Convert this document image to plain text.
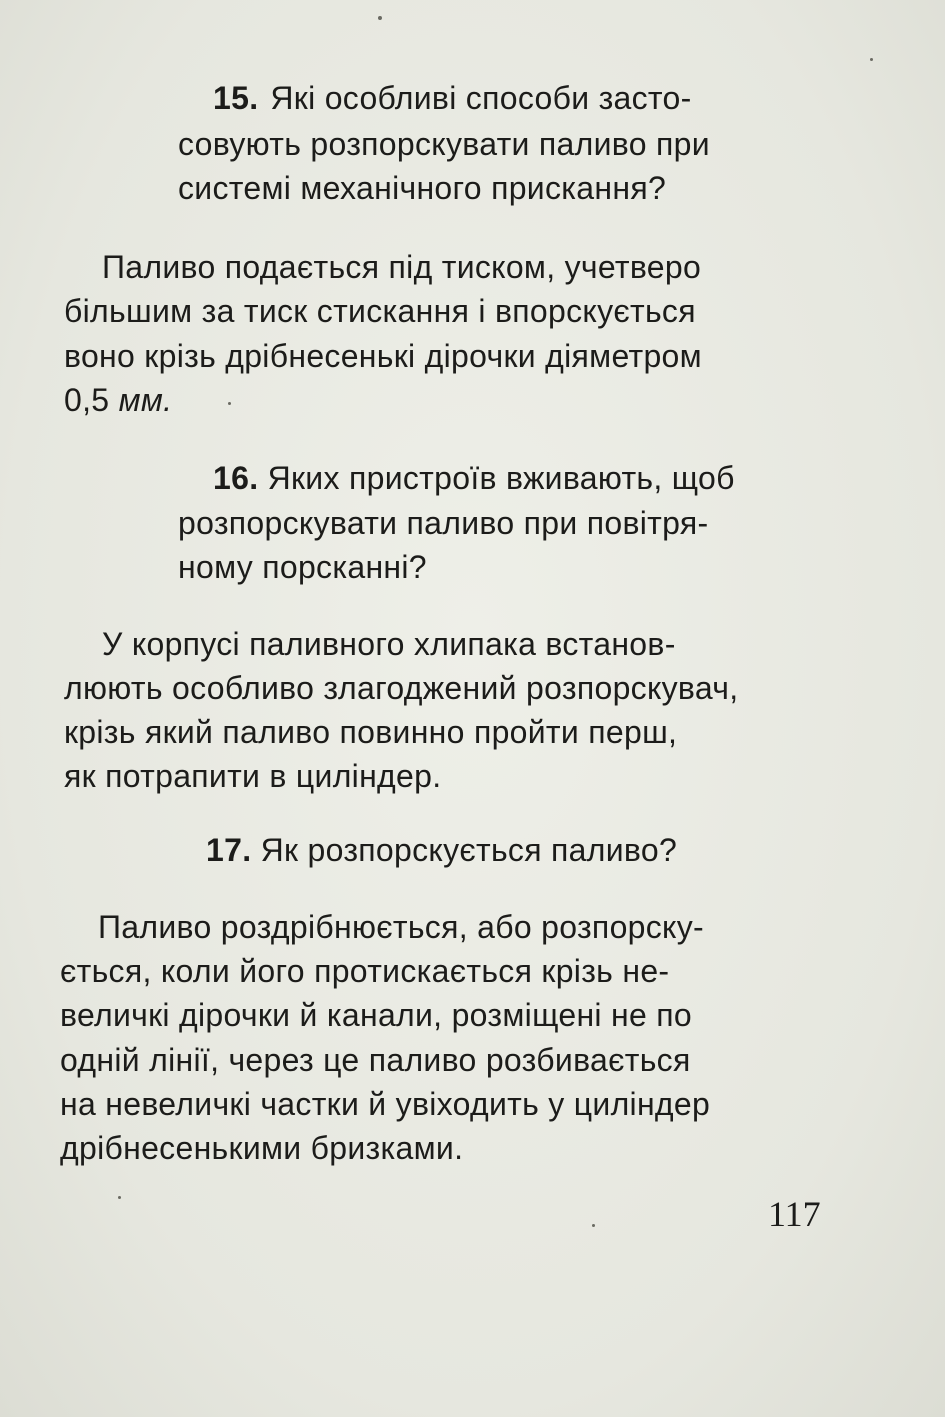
15. Які особливі способи засто-
совують розпорскувати паливо при
системі механічного прискання?
Паливо подається під тиском, учетверо
більшим за тиск стискання і впорскується
воно крізь дрібнесенькі дірочки діяметром
0,5 мм.
16. Яких пристроїв вживають, щоб
розпорскувати паливо при повітря-
ному порсканні?
У корпусі паливного хлипака встанов-
люють особливо злагоджений розпорскувач,
крізь який паливо повинно пройти перш,
як потрапити в циліндер.
17. Як розпорскується паливо?
Паливо роздрібнюється, або розпорску-
ється, коли його протискається крізь не-
величкі дірочки й канали, розміщені не по
одній лінії, через це паливо розбивається
на невеличкі частки й увіходить у циліндер
дрібнесенькими бризками.
117
